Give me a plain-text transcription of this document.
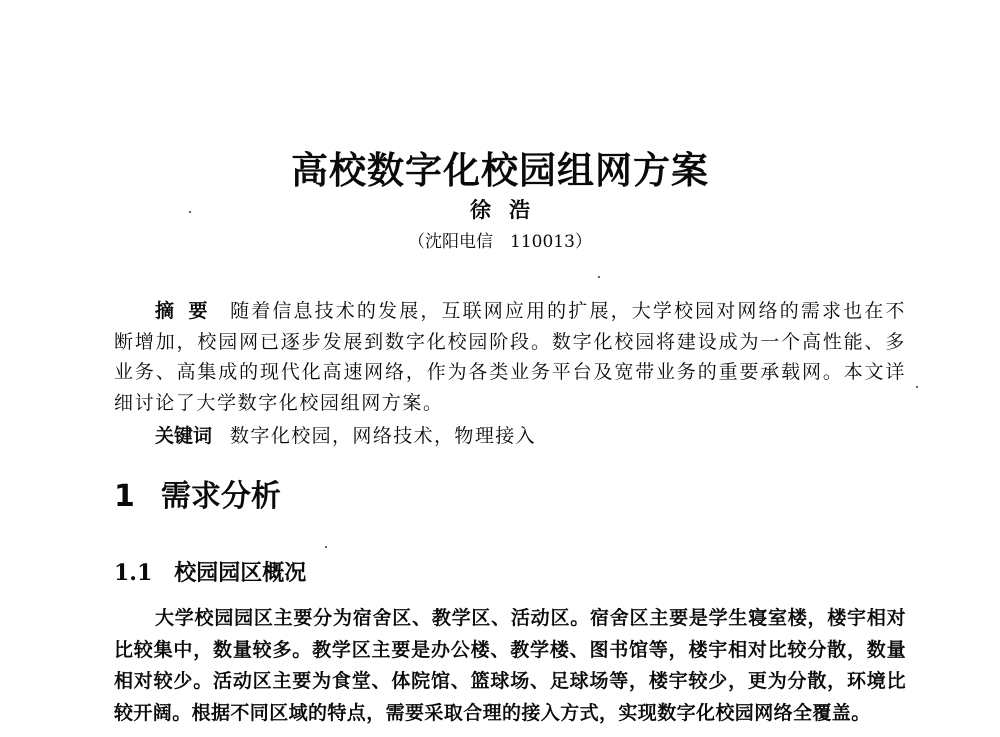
高校数字化校园组网方案
徐浩
（沈阳电信　110013）

摘要 随着信息技术的发展，互联网应用的扩展，大学校园对网络的需求也在不断增加，校园网已逐步发展到数字化校园阶段。数字化校园将建设成为一个高性能、多业务、高集成的现代化高速网络，作为各类业务平台及宽带业务的重要承载网。本文详细讨论了大学数字化校园组网方案。

关键词 数字化校园，网络技术，物理接入

1 需求分析
1.1 校园园区概况

大学校园园区主要分为宿舍区、教学区、活动区。宿舍区主要是学生寝室楼，楼宇相对比较集中，数量较多。教学区主要是办公楼、教学楼、图书馆等，楼宇相对比较分散，数量相对较少。活动区主要为食堂、体院馆、篮球场、足球场等，楼宇较少，更为分散，环境比较开阔。根据不同区域的特点，需要采取合理的接入方式，实现数字化校园网络全覆盖。
